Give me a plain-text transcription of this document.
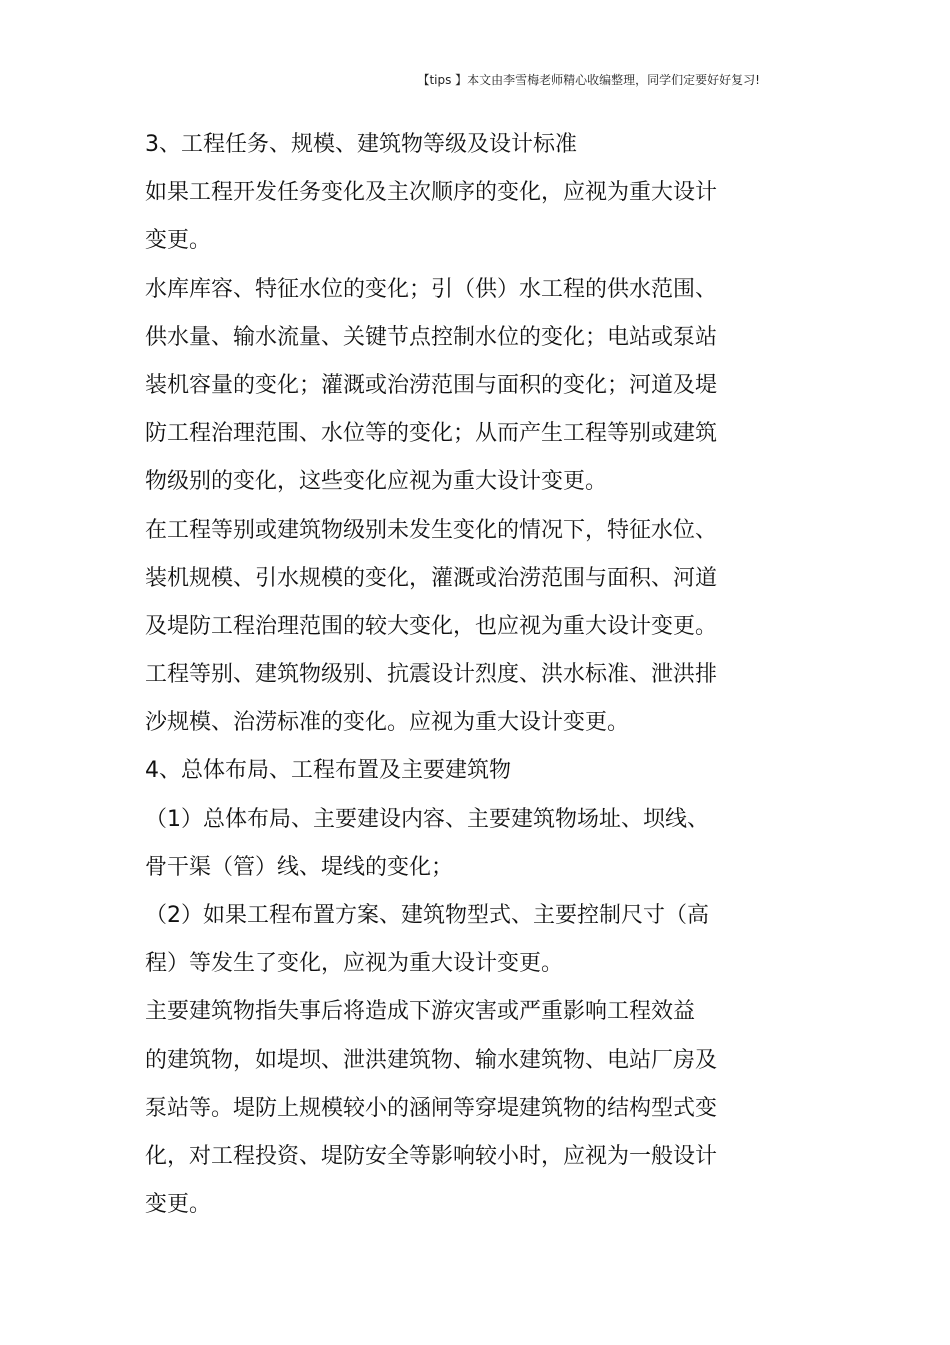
【tips 】本文由李雪梅老师精心收编整理，同学们定要好好复习!
3、工程任务、规模、建筑物等级及设计标准
如果工程开发任务变化及主次顺序的变化，应视为重大设计
变更。
水库库容、特征水位的变化；引（供）水工程的供水范围、
供水量、输水流量、关键节点控制水位的变化；电站或泵站
装机容量的变化；灌溉或治涝范围与面积的变化；河道及堤
防工程治理范围、水位等的变化；从而产生工程等别或建筑
物级别的变化，这些变化应视为重大设计变更。
在工程等别或建筑物级别未发生变化的情况下，特征水位、
装机规模、引水规模的变化，灌溉或治涝范围与面积、河道
及堤防工程治理范围的较大变化，也应视为重大设计变更。
工程等别、建筑物级别、抗震设计烈度、洪水标准、泄洪排
沙规模、治涝标准的变化。应视为重大设计变更。
4、总体布局、工程布置及主要建筑物
（1）总体布局、主要建设内容、主要建筑物场址、坝线、
骨干渠（管）线、堤线的变化；
（2）如果工程布置方案、建筑物型式、主要控制尺寸（高
程）等发生了变化，应视为重大设计变更。
主要建筑物指失事后将造成下游灾害或严重影响工程效益
的建筑物，如堤坝、泄洪建筑物、输水建筑物、电站厂房及
泵站等。堤防上规模较小的涵闸等穿堤建筑物的结构型式变
化，对工程投资、堤防安全等影响较小时，应视为一般设计
变更。
